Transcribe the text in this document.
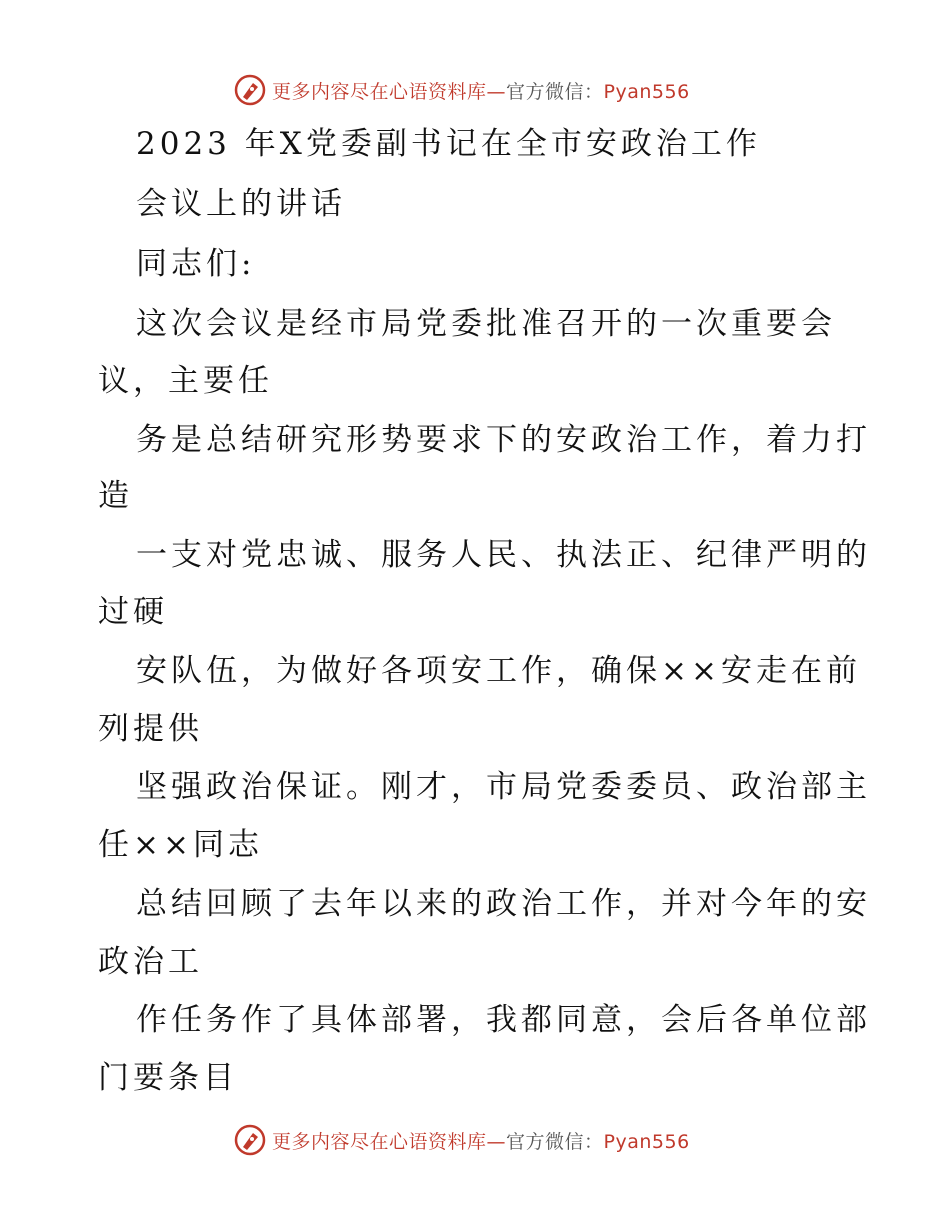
更多内容尽在心语资料库—官方微信：Pyan556
2023 年X党委副书记在全市安政治工作
会议上的讲话
同志们:
这次会议是经市局党委批准召开的一次重要会
议，主要任
务是总结研究形势要求下的安政治工作，着力打
造
一支对党忠诚、服务人民、执法正、纪律严明的
过硬
安队伍，为做好各项安工作，确保××安走在前
列提供
坚强政治保证。刚才，市局党委委员、政治部主
任××同志
总结回顾了去年以来的政治工作，并对今年的安
政治工
作任务作了具体部署，我都同意，会后各单位部
门要条目
更多内容尽在心语资料库—官方微信：Pyan556
